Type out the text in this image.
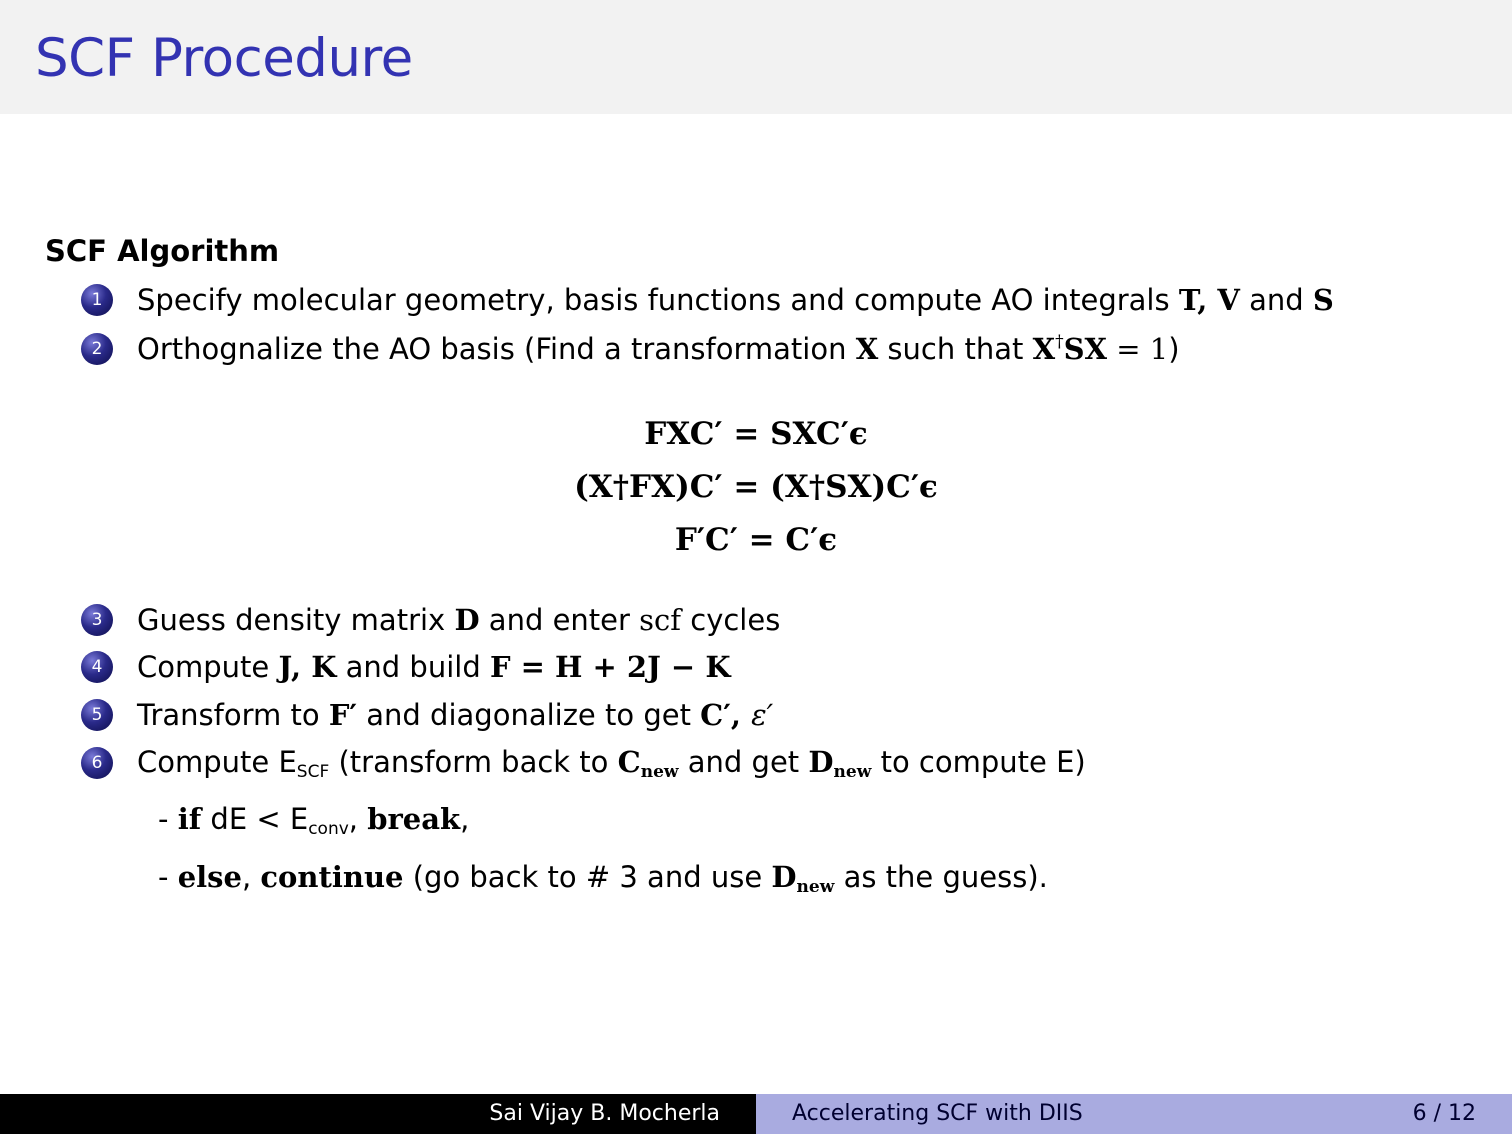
SCF Procedure
SCF Algorithm
1	Specify molecular geometry, basis functions and compute AO integrals T, V and S
2	Orthognalize the AO basis (Find a transformation X such that X†SX = 1)
FXC′ = SXC′ϵ
(X†FX)C′ = (X†SX)C′ϵ
F′C′ = C′ϵ
3	Guess density matrix D and enter scf cycles
4	Compute J, K and build F = H + 2J − K
5	Transform to F′ and diagonalize to get C′, ε′
6	Compute $E_{SCF}$ (transform back to $C_{new}$ and get $D_{new}$ to compute E)
- if dE < $E_{conv}$, break,
- else, continue (go back to # 3 and use $D_{new}$ as the guess).
Sai Vijay B. Mocherla	Accelerating SCF with DIIS	6 / 12
